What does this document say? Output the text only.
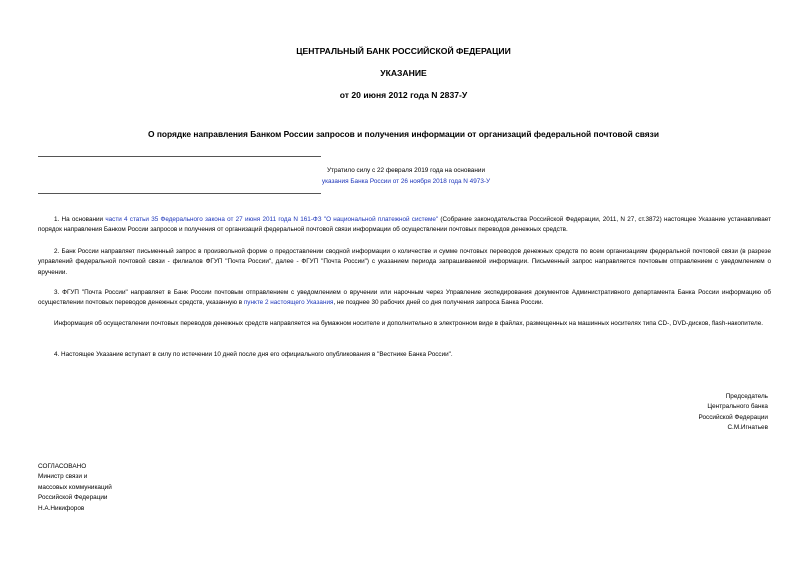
ЦЕНТРАЛЬНЫЙ БАНК РОССИЙСКОЙ ФЕДЕРАЦИИ
УКАЗАНИЕ
от 20 июня 2012 года N 2837-У
О порядке направления Банком России запросов и получения информации от организаций федеральной почтовой связи
Утратило силу с 22 февраля 2019 года на основании
указания Банка России от 26 ноября 2018 года N 4973-У
1. На основании части 4 статьи 35 Федерального закона от 27 июня 2011 года N 161-ФЗ "О национальной платежной системе" (Собрание законодательства Российской Федерации, 2011, N 27, ст.3872) настоящее Указание устанавливает порядок направления Банком России запросов и получения от организаций федеральной почтовой связи информации об осуществлении почтовых переводов денежных средств.
2. Банк России направляет письменный запрос в произвольной форме о предоставлении сводной информации о количестве и сумме почтовых переводов денежных средств по всем организациям федеральной почтовой связи (в разрезе управлений федеральной почтовой связи - филиалов ФГУП "Почта России", далее - ФГУП "Почта России") с указанием периода запрашиваемой информации. Письменный запрос направляется почтовым отправлением с уведомлением о вручении.
3. ФГУП "Почта России" направляет в Банк России почтовым отправлением с уведомлением о вручении или нарочным через Управление экспедирования документов Административного департамента Банка России информацию об осуществлении почтовых переводов денежных средств, указанную в пункте 2 настоящего Указания, не позднее 30 рабочих дней со дня получения запроса Банка России.
Информация об осуществлении почтовых переводов денежных средств направляется на бумажном носителе и дополнительно в электронном виде в файлах, размещенных на машинных носителях типа CD-, DVD-дисков, flash-накопителе.
4. Настоящее Указание вступает в силу по истечении 10 дней после дня его официального опубликования в "Вестнике Банка России".
Председатель
Центрального банка
Российской Федерации
С.М.Игнатьев
СОГЛАСОВАНО
Министр связи и
массовых коммуникаций
Российской Федерации
Н.А.Никифоров
